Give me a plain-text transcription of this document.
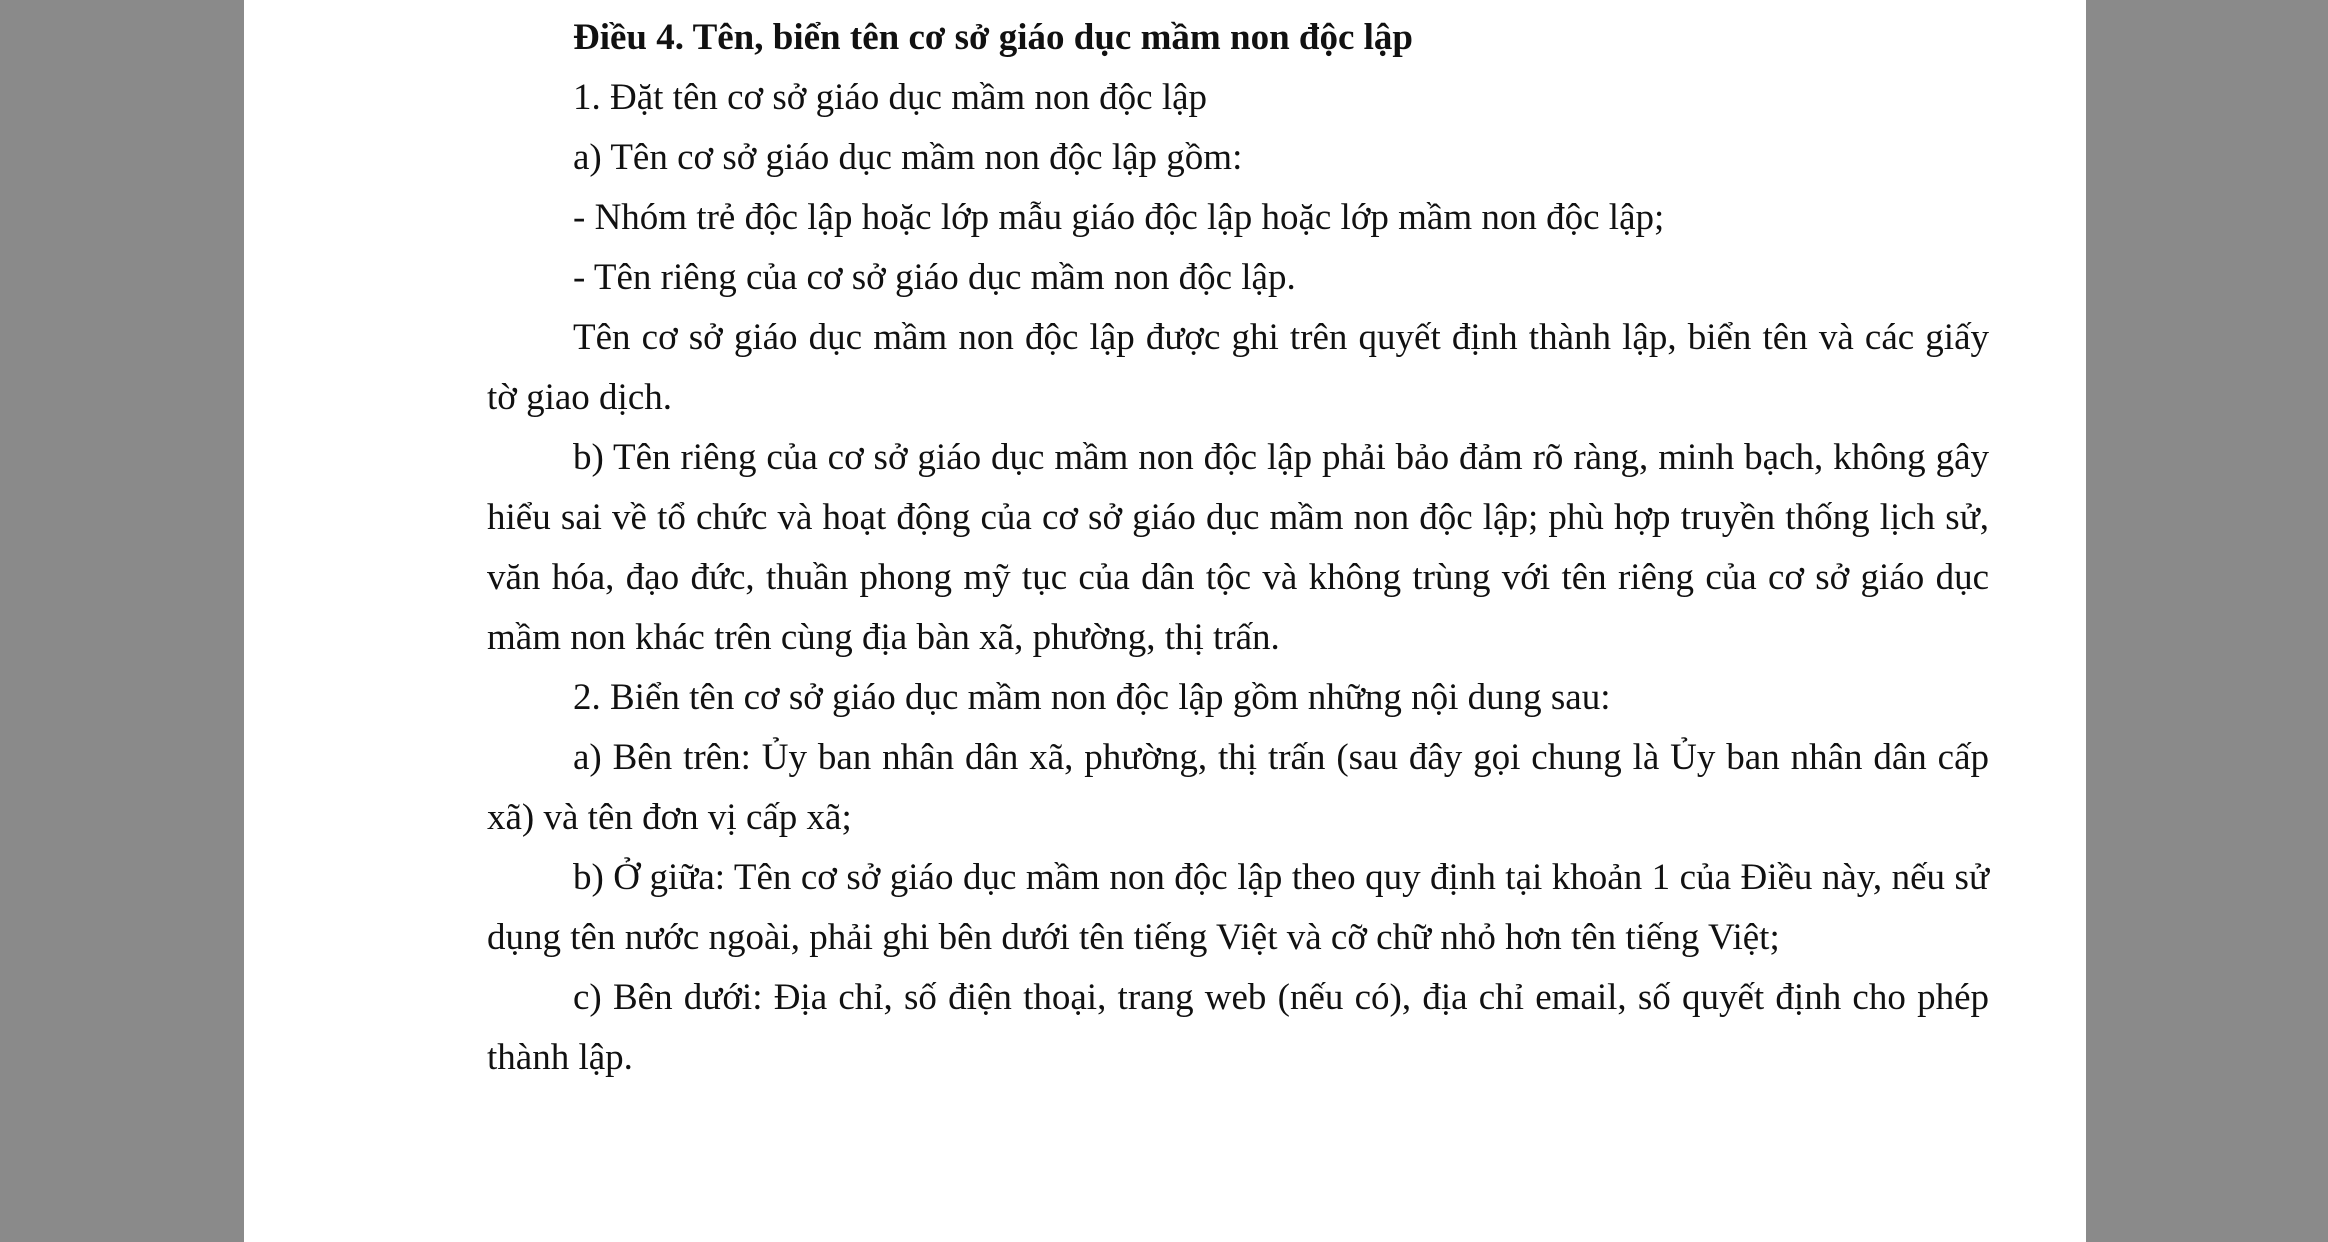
Điều 4. Tên, biển tên cơ sở giáo dục mầm non độc lập

1. Đặt tên cơ sở giáo dục mầm non độc lập

a) Tên cơ sở giáo dục mầm non độc lập gồm:

- Nhóm trẻ độc lập hoặc lớp mẫu giáo độc lập hoặc lớp mầm non độc lập;

- Tên riêng của cơ sở giáo dục mầm non độc lập.

Tên cơ sở giáo dục mầm non độc lập được ghi trên quyết định thành lập, biển tên và các giấy tờ giao dịch.

b) Tên riêng của cơ sở giáo dục mầm non độc lập phải bảo đảm rõ ràng, minh bạch, không gây hiểu sai về tổ chức và hoạt động của cơ sở giáo dục mầm non độc lập; phù hợp truyền thống lịch sử, văn hóa, đạo đức, thuần phong mỹ tục của dân tộc và không trùng với tên riêng của cơ sở giáo dục mầm non khác trên cùng địa bàn xã, phường, thị trấn.

2. Biển tên cơ sở giáo dục mầm non độc lập gồm những nội dung sau:

a) Bên trên: Ủy ban nhân dân xã, phường, thị trấn (sau đây gọi chung là Ủy ban nhân dân cấp xã) và tên đơn vị cấp xã;

b) Ở giữa: Tên cơ sở giáo dục mầm non độc lập theo quy định tại khoản 1 của Điều này, nếu sử dụng tên nước ngoài, phải ghi bên dưới tên tiếng Việt và cỡ chữ nhỏ hơn tên tiếng Việt;

c) Bên dưới: Địa chỉ, số điện thoại, trang web (nếu có), địa chỉ email, số quyết định cho phép thành lập.
